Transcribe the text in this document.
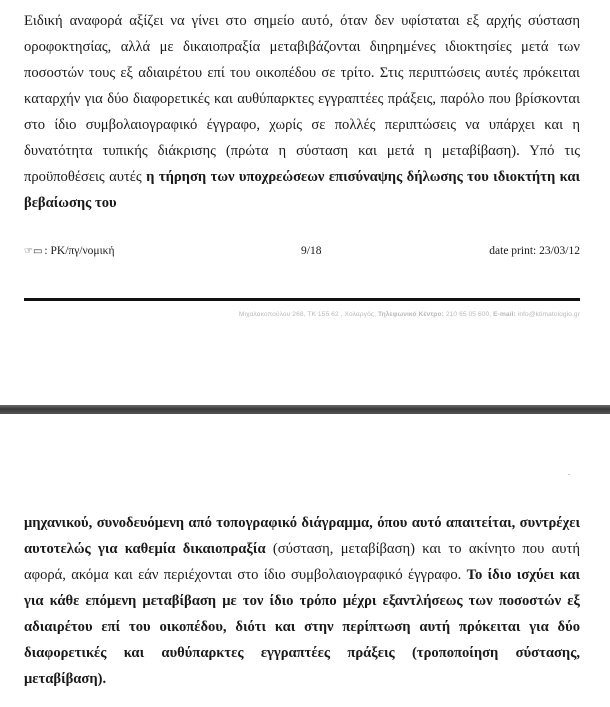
Ειδική αναφορά αξίζει να γίνει στο σημείο αυτό, όταν δεν υφίσταται εξ αρχής σύσταση οροφοκτησίας, αλλά με δικαιοπραξία μεταβιβάζονται διηρημένες ιδιοκτησίες μετά των ποσοστών τους εξ αδιαιρέτου επί του οικοπέδου σε τρίτο. Στις περιπτώσεις αυτές πρόκειται καταρχήν για δύο διαφορετικές και αυθύπαρκτες εγγραπτέες πράξεις, παρόλο που βρίσκονται στο ίδιο συμβολαιογραφικό έγγραφο, χωρίς σε πολλές περιπτώσεις να υπάρχει και η δυνατότητα τυπικής διάκρισης (πρώτα η σύσταση και μετά η μεταβίβαση). Υπό τις προϋποθέσεις αυτές η τήρηση των υποχρεώσεων επισύναψης δήλωσης του ιδιοκτήτη και βεβαίωσης του

☞▭ : PK/πγ/νομική	9/18	date print: 23/03/12
Μιχαλακοπούλου 268, ΤΚ 155 62 , Χολαργός, Τηλεφωνικό Κέντρο: 210 65 05 600, E-mail: info@ktimatologio.gr

μηχανικού, συνοδευόμενη από τοπογραφικό διάγραμμα, όπου αυτό απαιτείται, συντρέχει αυτοτελώς για καθεμία δικαιοπραξία (σύσταση, μεταβίβαση) και το ακίνητο που αυτή αφορά, ακόμα και εάν περιέχονται στο ίδιο συμβολαιογραφικό έγγραφο. Το ίδιο ισχύει και για κάθε επόμενη μεταβίβαση με τον ίδιο τρόπο μέχρι εξαντλήσεως των ποσοστών εξ αδιαιρέτου επί του οικοπέδου, διότι και στην περίπτωση αυτή πρόκειται για δύο διαφορετικές και αυθύπαρκτες εγγραπτέες πράξεις (τροποποίηση σύστασης, μεταβίβαση).
